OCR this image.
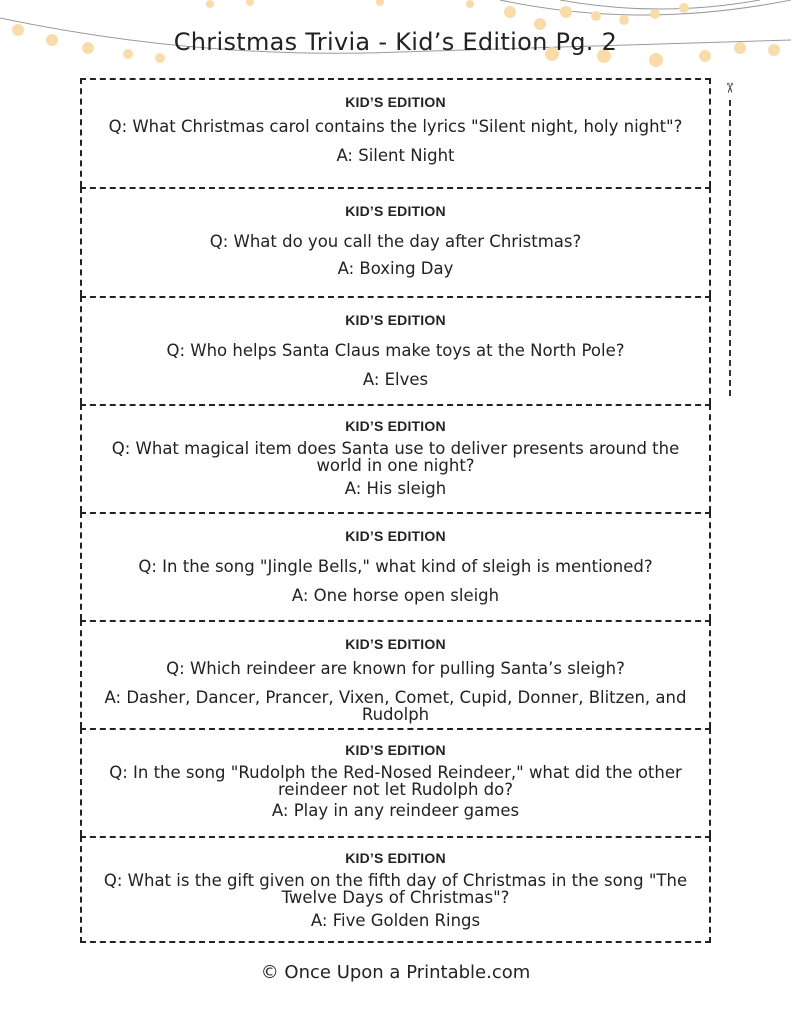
Christmas Trivia - Kid’s Edition Pg. 2
KID’S EDITION
Q: What Christmas carol contains the lyrics "Silent night, holy night"?
A: Silent Night
KID’S EDITION
Q: What do you call the day after Christmas?
A: Boxing Day
KID’S EDITION
Q: Who helps Santa Claus make toys at the North Pole?
A: Elves
KID’S EDITION
Q: What magical item does Santa use to deliver presents around the world in one night?
A: His sleigh
KID’S EDITION
Q: In the song "Jingle Bells," what kind of sleigh is mentioned?
A: One horse open sleigh
KID’S EDITION
Q: Which reindeer are known for pulling Santa’s sleigh?
A: Dasher, Dancer, Prancer, Vixen, Comet, Cupid, Donner, Blitzen, and Rudolph
KID’S EDITION
Q: In the song "Rudolph the Red-Nosed Reindeer," what did the other reindeer not let Rudolph do?
A: Play in any reindeer games
KID’S EDITION
Q: What is the gift given on the fifth day of Christmas in the song "The Twelve Days of Christmas"?
A: Five Golden Rings
✂
© Once Upon a Printable.com
